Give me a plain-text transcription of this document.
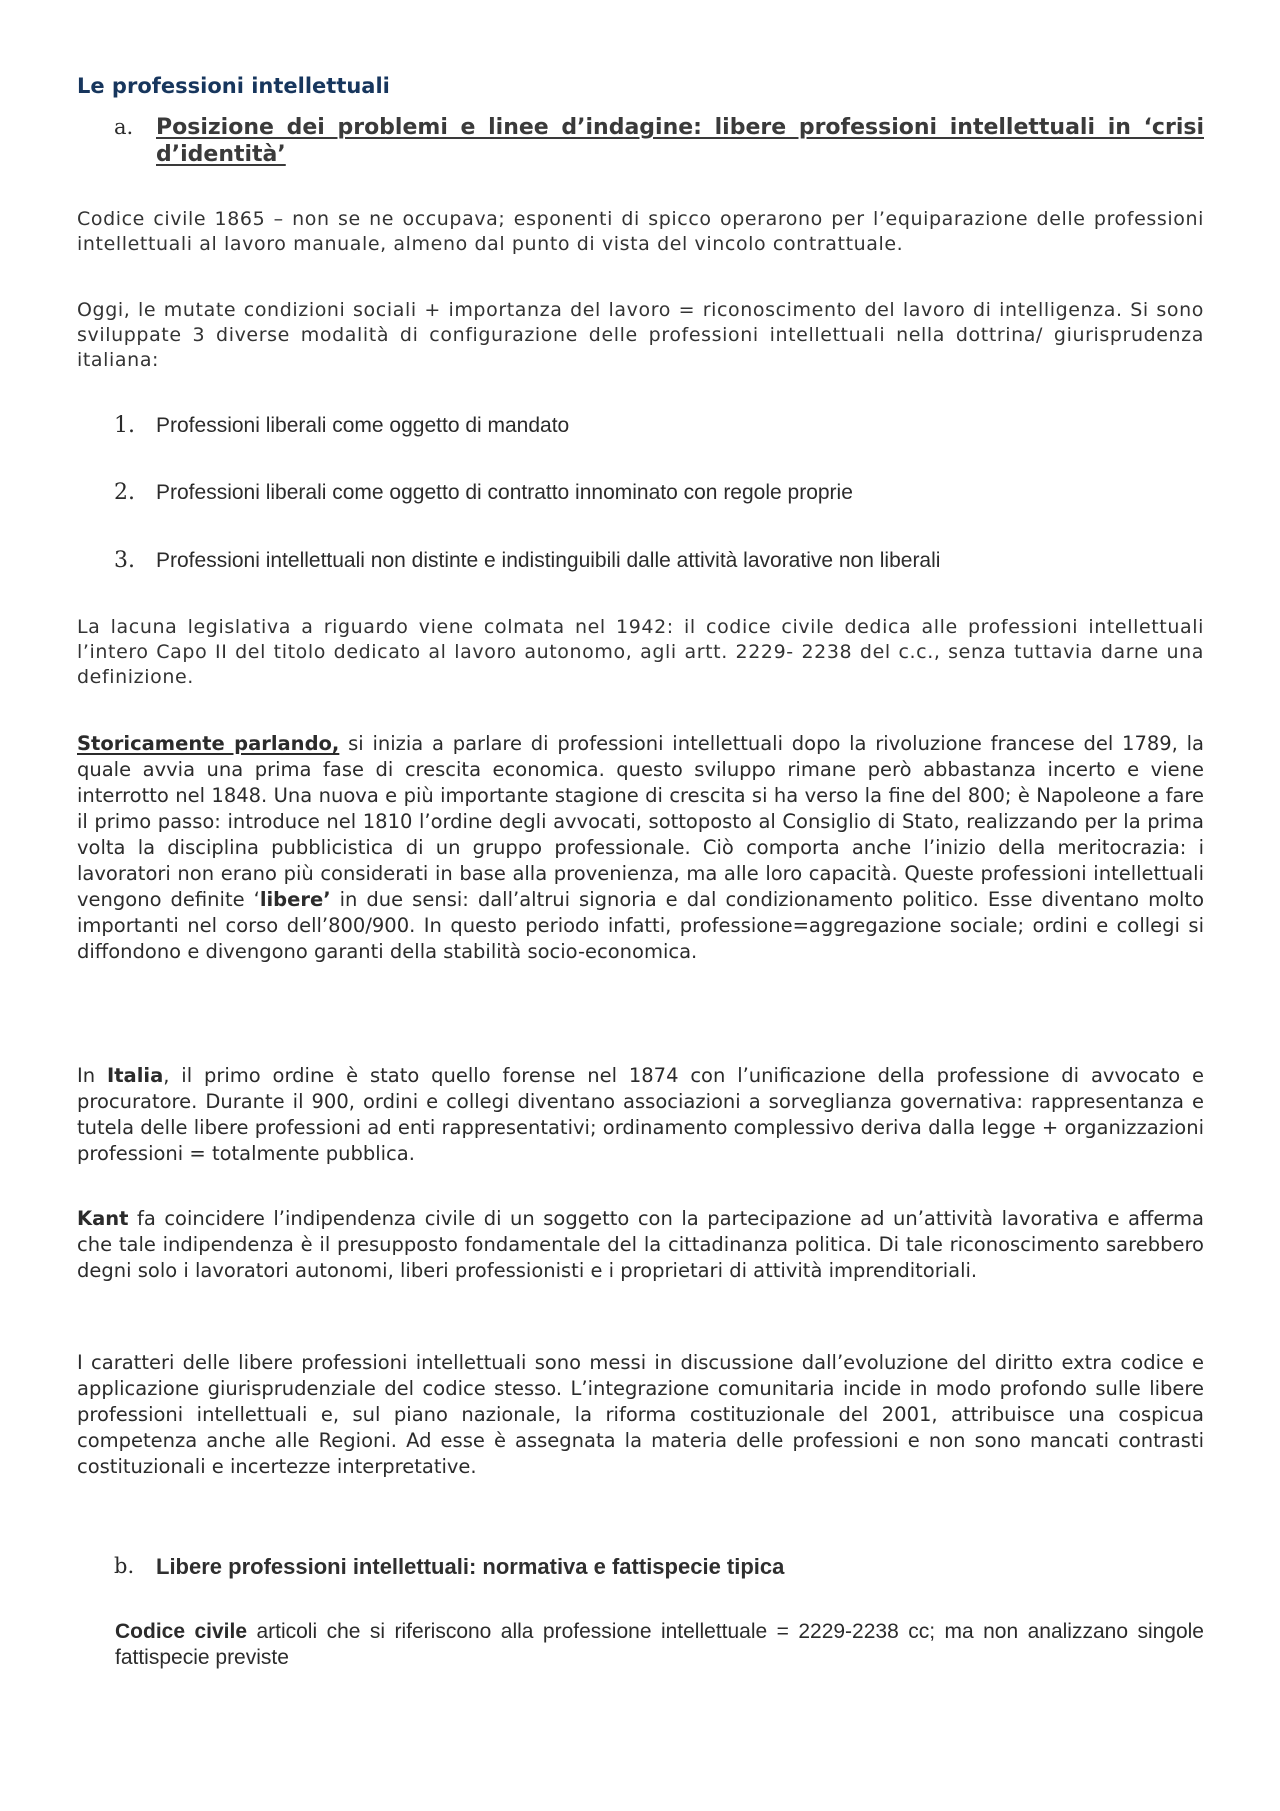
Le professioni intellettuali
a.	Posizione dei problemi e linee d’indagine: libere professioni intellettuali in ‘crisi d’identità’

Codice civile 1865 – non se ne occupava; esponenti di spicco operarono per l’equiparazione delle professioni intellettuali al lavoro manuale, almeno dal punto di vista del vincolo contrattuale.

Oggi, le mutate condizioni sociali + importanza del lavoro = riconoscimento del lavoro di intelligenza. Si sono sviluppate 3 diverse modalità di configurazione delle professioni intellettuali nella dottrina/ giurisprudenza italiana:

1.	Professioni liberali come oggetto di mandato
2.	Professioni liberali come oggetto di contratto innominato con regole proprie
3.	Professioni intellettuali non distinte e indistinguibili dalle attività lavorative non liberali

La lacuna legislativa a riguardo viene colmata nel 1942: il codice civile dedica alle professioni intellettuali l’intero Capo II del titolo dedicato al lavoro autonomo, agli artt. 2229- 2238 del c.c., senza tuttavia darne una definizione.

Storicamente parlando, si inizia a parlare di professioni intellettuali dopo la rivoluzione francese del 1789, la quale avvia una prima fase di crescita economica. questo sviluppo rimane però abbastanza incerto e viene interrotto nel 1848. Una nuova e più importante stagione di crescita si ha verso la fine del 800; è Napoleone a fare il primo passo: introduce nel 1810 l’ordine degli avvocati, sottoposto al Consiglio di Stato, realizzando per la prima volta la disciplina pubblicistica di un gruppo professionale. Ciò comporta anche l’inizio della meritocrazia: i lavoratori non erano più considerati in base alla provenienza, ma alle loro capacità. Queste professioni intellettuali vengono definite ‘libere’ in due sensi: dall’altrui signoria e dal condizionamento politico. Esse diventano molto importanti nel corso dell’800/900. In questo periodo infatti, professione=aggregazione sociale; ordini e collegi si diffondono e divengono garanti della stabilità socio-economica.

In Italia, il primo ordine è stato quello forense nel 1874 con l’unificazione della professione di avvocato e procuratore. Durante il 900, ordini e collegi diventano associazioni a sorveglianza governativa: rappresentanza e tutela delle libere professioni ad enti rappresentativi; ordinamento complessivo deriva dalla legge + organizzazioni professioni = totalmente pubblica.

Kant fa coincidere l’indipendenza civile di un soggetto con la partecipazione ad un’attività lavorativa e afferma che tale indipendenza è il presupposto fondamentale del la cittadinanza politica. Di tale riconoscimento sarebbero degni solo i lavoratori autonomi, liberi professionisti e i proprietari di attività imprenditoriali.

I caratteri delle libere professioni intellettuali sono messi in discussione dall’evoluzione del diritto extra codice e applicazione giurisprudenziale del codice stesso. L’integrazione comunitaria incide in modo profondo sulle libere professioni intellettuali e, sul piano nazionale, la riforma costituzionale del 2001, attribuisce una cospicua competenza anche alle Regioni. Ad esse è assegnata la materia delle professioni e non sono mancati contrasti costituzionali e incertezze interpretative.

b. Libere professioni intellettuali: normativa e fattispecie tipica

Codice civile articoli che si riferiscono alla professione intellettuale = 2229-2238 cc; ma non analizzano singole fattispecie previste
